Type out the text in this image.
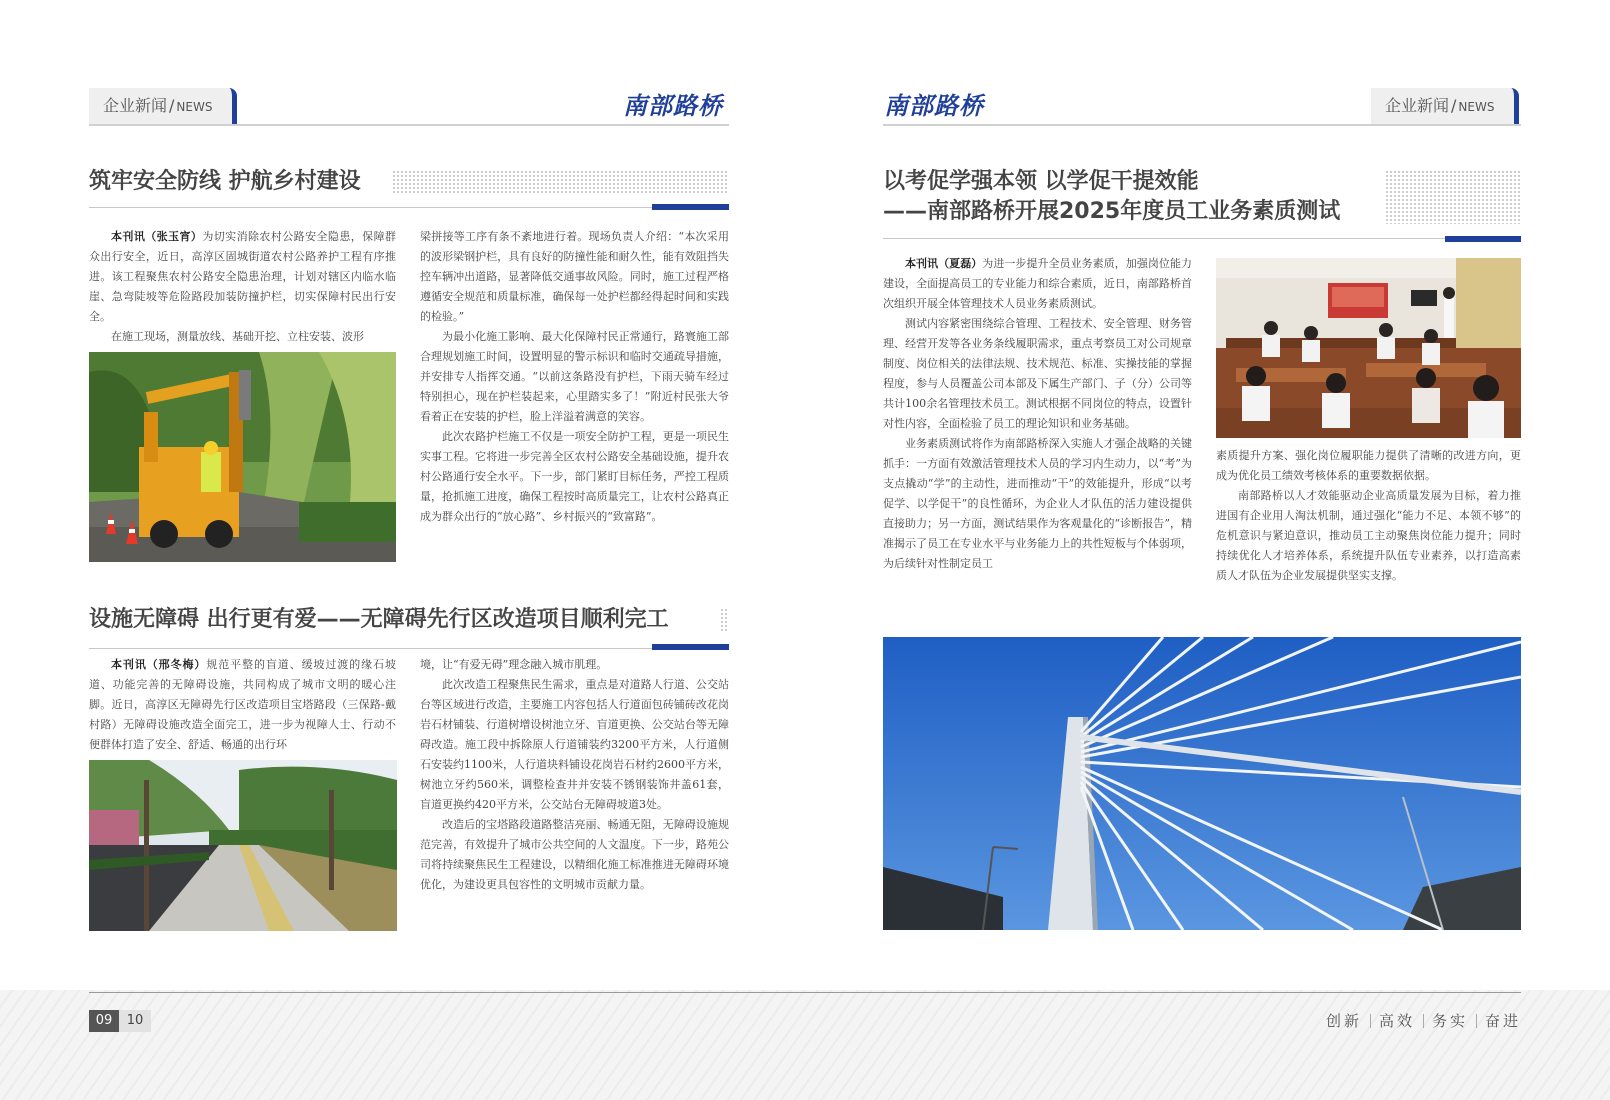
企业新闻 / NEWS	南部路桥
筑牢安全防线 护航乡村建设

本刊讯（张玉宵）为切实消除农村公路安全隐患，保障群众出行安全，近日，高淳区固城街道农村公路养护工程有序推进。该工程聚焦农村公路安全隐患治理，计划对辖区内临水临崖、急弯陡坡等危险路段加装防撞护栏，切实保障村民出行安全。

在施工现场，测量放线、基础开挖、立柱安装、波形

梁拼接等工序有条不紊地进行着。现场负责人介绍：“本次采用的波形梁钢护栏，具有良好的防撞性能和耐久性，能有效阻挡失控车辆冲出道路，显著降低交通事故风险。同时，施工过程严格遵循安全规范和质量标准，确保每一处护栏都经得起时间和实践的检验。”

为最小化施工影响、最大化保障村民正常通行，路寰施工部合理规划施工时间，设置明显的警示标识和临时交通疏导措施，并安排专人指挥交通。“以前这条路没有护栏，下雨天骑车经过特别担心，现在护栏装起来，心里踏实多了！”附近村民张大爷看着正在安装的护栏，脸上洋溢着满意的笑容。

此次农路护栏施工不仅是一项安全防护工程，更是一项民生实事工程。它将进一步完善全区农村公路安全基础设施，提升农村公路通行安全水平。下一步，部门紧盯目标任务，严控工程质量，抢抓施工进度，确保工程按时高质量完工，让农村公路真正成为群众出行的“放心路”、乡村振兴的“致富路”。

设施无障碍 出行更有爱——无障碍先行区改造项目顺利完工

本刊讯（邢冬梅）规范平整的盲道、缓坡过渡的缘石坡道、功能完善的无障碍设施，共同构成了城市文明的暖心注脚。近日，高淳区无障碍先行区改造项目宝塔路段（三保路-戴村路）无障碍设施改造全面完工，进一步为视障人士、行动不便群体打造了安全、舒适、畅通的出行环

境，让“有爱无碍”理念融入城市肌理。

此次改造工程聚焦民生需求，重点是对道路人行道、公交站台等区域进行改造，主要施工内容包括人行道面包砖铺砖改花岗岩石材铺装、行道树增设树池立牙、盲道更换、公交站台等无障碍改造。施工段中拆除原人行道铺装约3200平方米，人行道侧石安装约1100米，人行道块料铺设花岗岩石材约2600平方米，树池立牙约560米，调整检查井并安装不锈钢装饰井盖61套，盲道更换约420平方米，公交站台无障碍坡道3处。

改造后的宝塔路段道路整洁亮丽、畅通无阻，无障碍设施规范完善，有效提升了城市公共空间的人文温度。下一步，路苑公司将持续聚焦民生工程建设，以精细化施工标准推进无障碍环境优化，为建设更具包容性的文明城市贡献力量。

南部路桥	企业新闻 / NEWS
以考促学强本领 以学促干提效能
——南部路桥开展2025年度员工业务素质测试

本刊讯（夏磊）为进一步提升全员业务素质，加强岗位能力建设，全面提高员工的专业能力和综合素质，近日，南部路桥首次组织开展全体管理技术人员业务素质测试。

测试内容紧密围绕综合管理、工程技术、安全管理、财务管理、经营开发等各业务条线履职需求，重点考察员工对公司规章制度、岗位相关的法律法规、技术规范、标准、实操技能的掌握程度，参与人员覆盖公司本部及下属生产部门、子（分）公司等共计100余名管理技术员工。测试根据不同岗位的特点，设置针对性内容，全面检验了员工的理论知识和业务基础。

业务素质测试将作为南部路桥深入实施人才强企战略的关键抓手：一方面有效激活管理技术人员的学习内生动力，以“考”为支点撬动“学”的主动性，进而推动“干”的效能提升，形成“以考促学、以学促干”的良性循环，为企业人才队伍的活力建设提供直接助力；另一方面，测试结果作为客观量化的“诊断报告”，精准揭示了员工在专业水平与业务能力上的共性短板与个体弱项，为后续针对性制定员工

素质提升方案、强化岗位履职能力提供了清晰的改进方向，更成为优化员工绩效考核体系的重要数据依据。

南部路桥以人才效能驱动企业高质量发展为目标，着力推进国有企业用人淘汰机制，通过强化“能力不足、本领不够”的危机意识与紧迫意识，推动员工主动聚焦岗位能力提升；同时持续优化人才培养体系，系统提升队伍专业素养，以打造高素质人才队伍为企业发展提供坚实支撑。

09	10	创新 高效 务实 奋进
